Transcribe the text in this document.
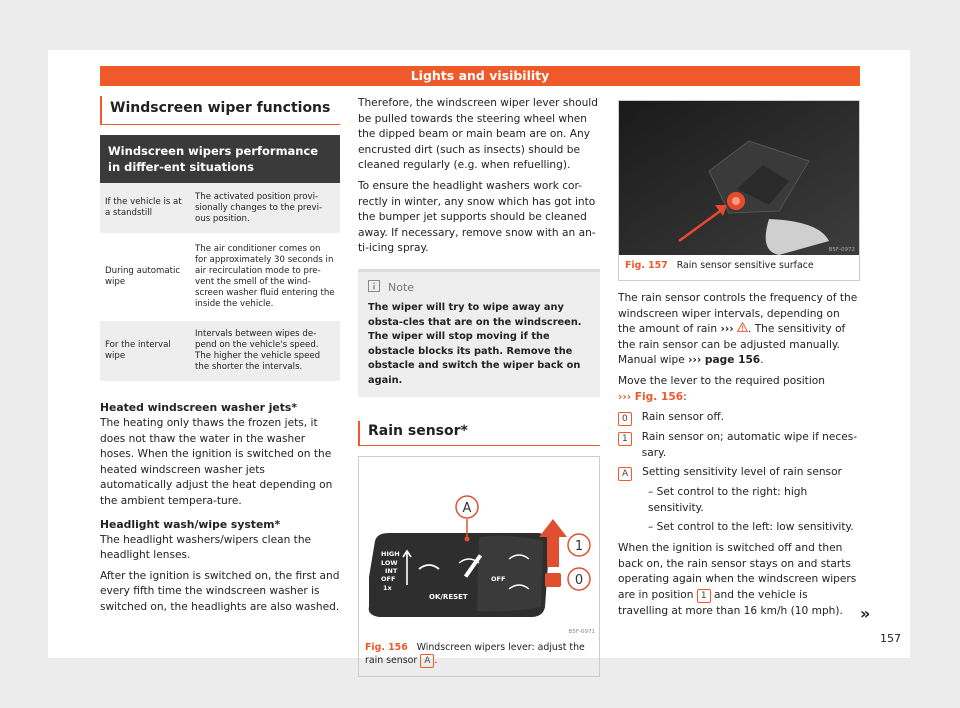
Lights and visibility
Windscreen wiper functions
Windscreen wipers performance in differ-ent situations
If the vehicle is at a standstill	The activated position provi-sionally changes to the previ-ous position.
During automatic wipe	The air conditioner comes on for approximately 30 seconds in air recirculation mode to pre-vent the smell of the wind-screen washer fluid entering the inside the vehicle.
For the interval wipe	Intervals between wipes de-pend on the vehicle's speed. The higher the vehicle speed the shorter the intervals.
Heated windscreen washer jets*

The heating only thaws the frozen jets, it does not thaw the water in the washer hoses. When the ignition is switched on the heated windscreen washer jets automatically adjust the heat depending on the ambient tempera-ture.

Headlight wash/wipe system*

The headlight washers/wipers clean the headlight lenses.

After the ignition is switched on, the first and every fifth time the windscreen washer is switched on, the headlights are also washed.

Therefore, the windscreen wiper lever should be pulled towards the steering wheel when the dipped beam or main beam are on. Any encrusted dirt (such as insects) should be cleaned regularly (e.g. when refuelling).

To ensure the headlight washers work cor-rectly in winter, any snow which has got into the bumper jet supports should be cleaned away. If necessary, remove snow with an an-ti-icing spray.

Note
The wiper will try to wipe away any obsta-cles that are on the windscreen. The wiper will stop moving if the obstacle blocks its path. Remove the obstacle and switch the wiper back on again.
Rain sensor*
HIGH
LOW
INT
OFF
1x
OK/RESET
OFF
A
1
0
B5F-0971
Fig. 156 Windscreen wipers lever: adjust the rain sensor A .
B5F-0972
Fig. 157 Rain sensor sensitive surface

The rain sensor controls the frequency of the windscreen wiper intervals, depending on the amount of rain ››› . The sensitivity of the rain sensor can be adjusted manually. Manual wipe ››› page 156.

Move the lever to the required position
››› Fig. 156:

0	Rain sensor off.
1	Rain sensor on; automatic wipe if neces-sary.
A	Setting sensitivity level of rain sensor
– Set control to the right: high sensitivity.
– Set control to the left: low sensitivity.

When the ignition is switched off and then back on, the rain sensor stays on and starts operating again when the windscreen wipers are in position 1 and the vehicle is travelling at more than 16 km/h (10 mph).	»
157
